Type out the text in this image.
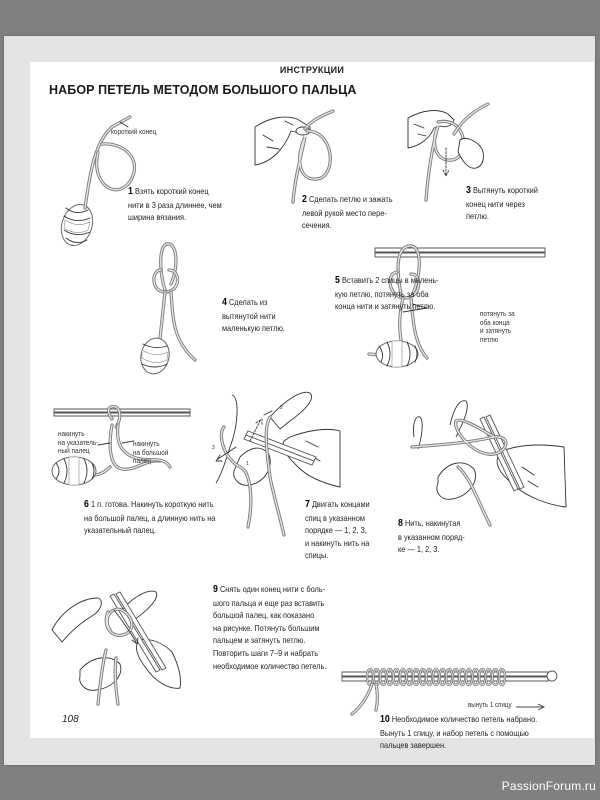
ИНСТРУКЦИИ
НАБОР ПЕТЕЛЬ МЕТОДОМ БОЛЬШОГО ПАЛЬЦА
короткий конец
1 Взять короткий конец
нити в 3 раза длиннее, чем
ширина вязания.
2 Сделать петлю и зажать
левой рукой место пере-
сечения.
3 Вытянуть короткий
конец нити через
петлю.
4 Сделать из
вытянутой нити
маленькую петлю.
5 Вставить 2 спицы в малень-
кую петлю, потянуть за оба
конца нити и затянуть петлю.
потянуть за
оба конца
и затянуть
петлю
накинуть
на указатель-
ный палец
накинуть
на большой
палец
6 1 п. готова. Накинуть короткую нить
на большой палец, а длинную нить на
указательный палец.
3
2
1
7 Двигать концами
спиц в указанном
порядке — 1, 2, 3,
и накинуть нить на
спицы.
8 Нить, накинутая
в указанном поряд-
ке — 1, 2, 3.
9 Снять один конец нити с боль-
шого пальца и еще раз вставить
большой палец, как показано
на рисунке. Потянуть большим
пальцем и затянуть петлю.
Повторить шаги 7–9 и набрать
необходимое количество петель.
вынуть 1 спицу
10 Необходимое количество петель набрано.
Вынуть 1 спицу, и набор петель с помощью
пальцев завершен.
108
PassionForum.ru
